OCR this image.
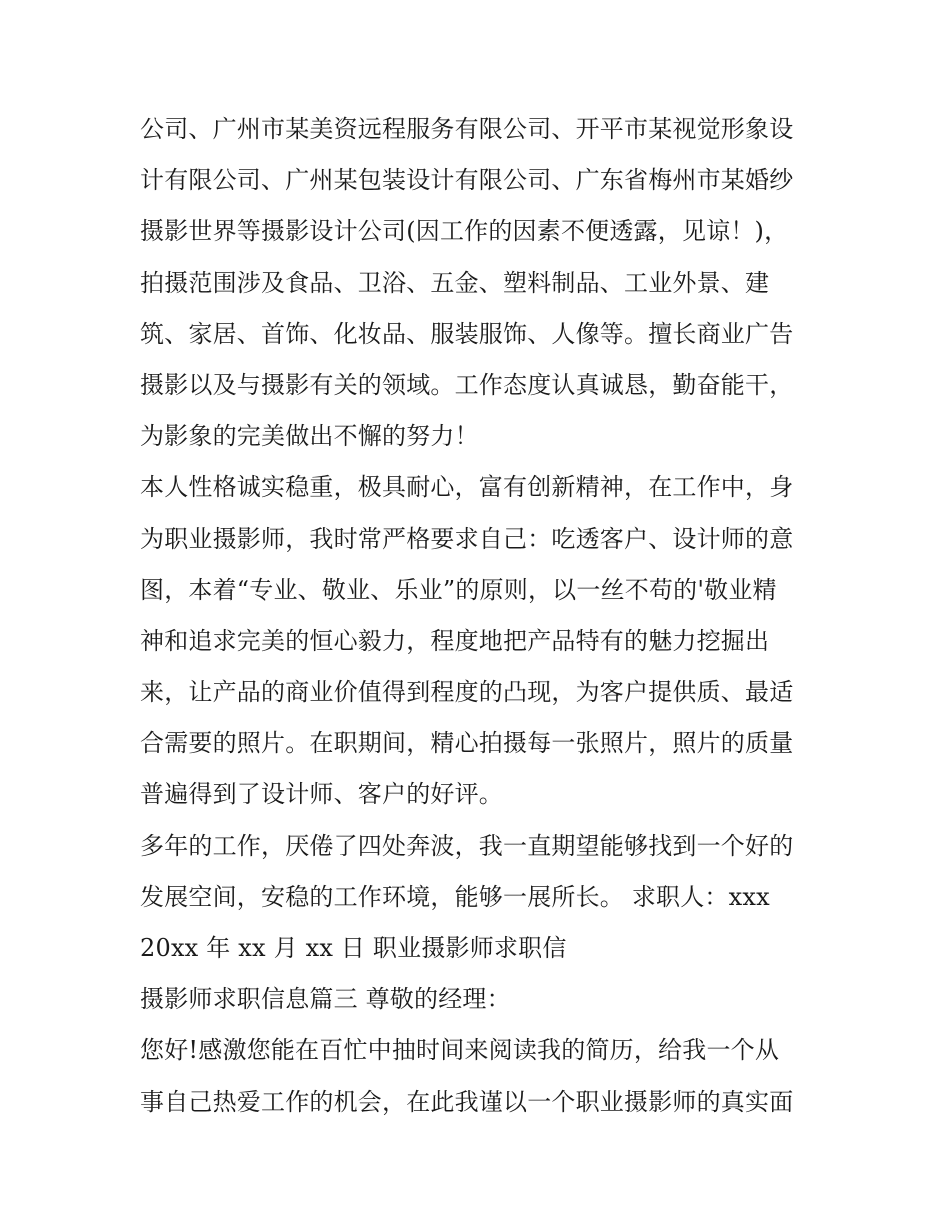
公司、广州市某美资远程服务有限公司、开平市某视觉形象设
计有限公司、广州某包装设计有限公司、广东省梅州市某婚纱
摄影世界等摄影设计公司(因工作的因素不便透露，见谅！)，
拍摄范围涉及食品、卫浴、五金、塑料制品、工业外景、建
筑、家居、首饰、化妆品、服装服饰、人像等。擅长商业广告
摄影以及与摄影有关的领域。工作态度认真诚恳，勤奋能干，
为影象的完美做出不懈的努力！
本人性格诚实稳重，极具耐心，富有创新精神，在工作中，身
为职业摄影师，我时常严格要求自己：吃透客户、设计师的意
图，本着“专业、敬业、乐业”的原则，以一丝不苟的'敬业精
神和追求完美的恒心毅力，程度地把产品特有的魅力挖掘出
来，让产品的商业价值得到程度的凸现，为客户提供质、最适
合需要的照片。在职期间，精心拍摄每一张照片，照片的质量
普遍得到了设计师、客户的好评。
多年的工作，厌倦了四处奔波，我一直期望能够找到一个好的
发展空间，安稳的工作环境，能够一展所长。 求职人：xxx
20xx 年 xx 月 xx 日 职业摄影师求职信
摄影师求职信息篇三 尊敬的经理：
您好!感激您能在百忙中抽时间来阅读我的简历，给我一个从
事自己热爱工作的机会，在此我谨以一个职业摄影师的真实面
